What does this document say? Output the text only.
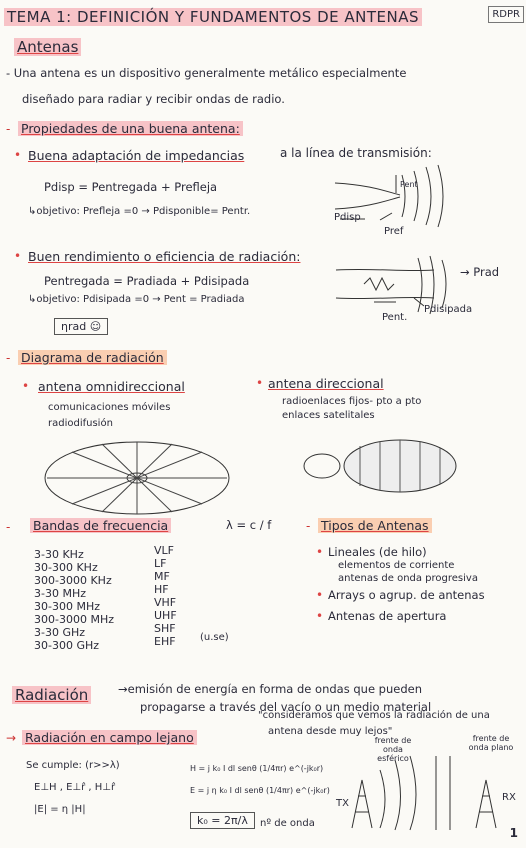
TEMA 1: DEFINICIÓN Y FUNDAMENTOS DE ANTENAS	RDPR
Antenas
- Una antena es un dispositivo generalmente metálico especialmente
diseñado para radiar y recibir ondas de radio.
- Propiedades de una buena antena:
• Buena adaptación de impedancias	a la línea de transmisión:
Pdisp = Pentregada + Prefleja
↳objetivo: Prefleja =0 → Pdisponible= Pentr.
Pent
Pdisp
Pref
• Buen rendimiento o eficiencia de radiación:
Pentregada = Pradiada + Pdisipada
↳objetivo: Pdisipada =0 → Pent = Pradiada
ηrad ☺
→ Prad
Pent.
Pdisipada
- Diagrama de radiación
• antena omnidireccional
comunicaciones móviles
radiodifusión
• antena direccional
radioenlaces fijos- pto a pto
enlaces satelitales
- Bandas de frecuencia	λ = c / f
3-30 KHz	VLF
30-300 KHz	LF
300-3000 KHz	MF
3-30 MHz	HF
30-300 MHz	VHF
300-3000 MHz	UHF
3-30 GHz	SHF
30-300 GHz	EHF (u.se)
- Tipos de Antenas
• Lineales (de hilo)
elementos de corriente
antenas de onda progresiva
• Arrays o agrup. de antenas
• Antenas de apertura
Radiación	→emisión de energía en forma de ondas que pueden
propagarse a través del vacío o un medio material
→ Radiación en campo lejano
"consideramos que vemos la radiación de una
antena desde muy lejos"
Se cumple: (r>>λ)
E⊥H , E⊥r̂ , H⊥r̂
|E| = η |H|
H = j k₀ I dl senθ (1/4πr) e^(-jk₀r)
E = j η k₀ I dl senθ (1/4πr) e^(-jk₀r)
k₀ = 2π/λ	nº de onda
frente de onda esférico
frente de onda plano
TX
RX
1
